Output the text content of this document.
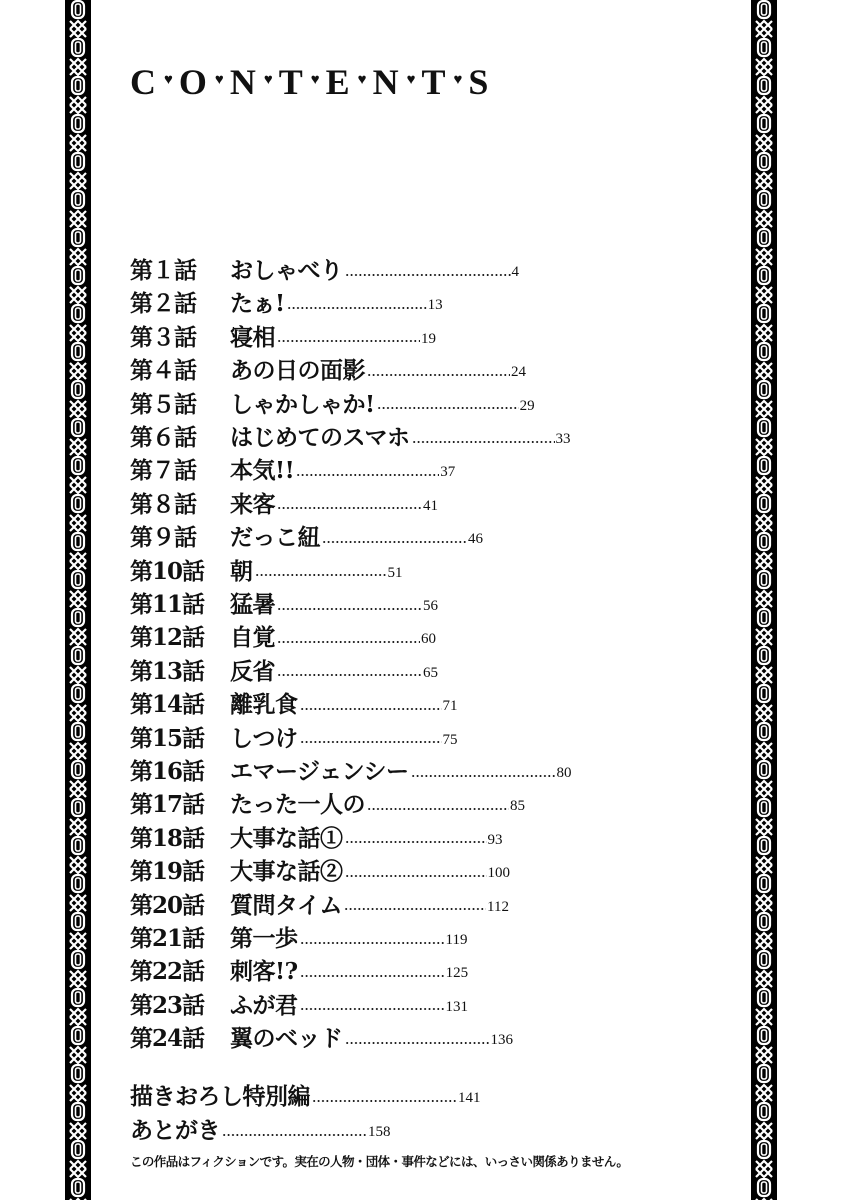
C ♥ O ♥ N ♥ T ♥ E ♥ N ♥ T ♥ S
第１話	おしゃべり	4
第２話	たぁ!	13
第３話	寝相	19
第４話	あの日の面影	24
第５話	しゃかしゃか!	29
第６話	はじめてのスマホ	33
第７話	本気!!	37
第８話	来客	41
第９話	だっこ紐	46
第10話	朝	51
第11話	猛暑	56
第12話	自覚	60
第13話	反省	65
第14話	離乳食	71
第15話	しつけ	75
第16話	エマージェンシー	80
第17話	たった一人の	85
第18話	大事な話①	93
第19話	大事な話②	100
第20話	質問タイム	112
第21話	第一歩	119
第22話	刺客!?	125
第23話	ふが君	131
第24話	翼のベッド	136
描きおろし特別編	141
あとがき	158
この作品はフィクションです。実在の人物・団体・事件などには、いっさい関係ありません。
